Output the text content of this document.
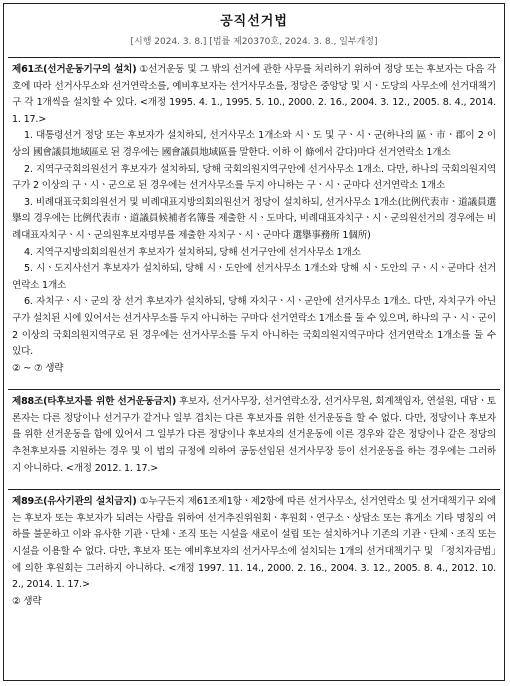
공직선거법
[시행 2024. 3. 8.] [법률 제20370호, 2024. 3. 8., 일부개정]

제61조(선거운동기구의 설치) ①선거운동 및 그 밖의 선거에 관한 사무를 처리하기 위하여 정당 또는 후보자는 다음 각호에 따라 선거사무소와 선거연락소를, 예비후보자는 선거사무소를, 정당은 중앙당 및 시ㆍ도당의 사무소에 선거대책기구 각 1개씩을 설치할 수 있다. <개정 1995. 4. 1., 1995. 5. 10., 2000. 2. 16., 2004. 3. 12., 2005. 8. 4., 2014. 1. 17.>

1. 대통령선거 정당 또는 후보자가 설치하되, 선거사무소 1개소와 시ㆍ도 및 구ㆍ시ㆍ군(하나의 區ㆍ市ㆍ郡이 2 이상의 國會議員地域區로 된 경우에는 國會議員地域區를 말한다. 이하 이 條에서 같다)마다 선거연락소 1개소

2. 지역구국회의원선거 후보자가 설치하되, 당해 국회의원지역구안에 선거사무소 1개소. 다만, 하나의 국회의원지역구가 2 이상의 구ㆍ시ㆍ군으로 된 경우에는 선거사무소를 두지 아니하는 구ㆍ시ㆍ군마다 선거연락소 1개소

3. 비례대표국회의원선거 및 비례대표지방의회의원선거 정당이 설치하되, 선거사무소 1개소(比例代表市ㆍ道議員選擧의 경우에는 比例代表市ㆍ道議員候補者名簿를 제출한 시ㆍ도마다, 비례대표자치구ㆍ시ㆍ군의원선거의 경우에는 비례대표자치구ㆍ시ㆍ군의원후보자명부를 제출한 자치구ㆍ시ㆍ군마다 選擧事務所 1個所)

4. 지역구지방의회의원선거 후보자가 설치하되, 당해 선거구안에 선거사무소 1개소

5. 시ㆍ도지사선거 후보자가 설치하되, 당해 시ㆍ도안에 선거사무소 1개소와 당해 시ㆍ도안의 구ㆍ시ㆍ군마다 선거연락소 1개소

6. 자치구ㆍ시ㆍ군의 장 선거 후보자가 설치하되, 당해 자치구ㆍ시ㆍ군안에 선거사무소 1개소. 다만, 자치구가 아닌 구가 설치된 시에 있어서는 선거사무소를 두지 아니하는 구마다 선거연락소 1개소를 둘 수 있으며, 하나의 구ㆍ시ㆍ군이 2 이상의 국회의원지역구로 된 경우에는 선거사무소를 두지 아니하는 국회의원지역구마다 선거연락소 1개소를 둘 수 있다.

② ~ ⑦ 생략

제88조(타후보자를 위한 선거운동금지) 후보자, 선거사무장, 선거연락소장, 선거사무원, 회계책임자, 연설원, 대담ㆍ토론자는 다른 정당이나 선거구가 같거나 일부 겹치는 다른 후보자를 위한 선거운동을 할 수 없다. 다만, 정당이나 후보자를 위한 선거운동을 함에 있어서 그 일부가 다른 정당이나 후보자의 선거운동에 이른 경우와 같은 정당이나 같은 정당의 추천후보자를 지원하는 경우 및 이 법의 규정에 의하여 공동선임된 선거사무장 등이 선거운동을 하는 경우에는 그러하지 아니하다. <개정 2012. 1. 17.>

제89조(유사기관의 설치금지) ①누구든지 제61조제1항ㆍ제2항에 따른 선거사무소, 선거연락소 및 선거대책기구 외에는 후보자 또는 후보자가 되려는 사람을 위하여 선거추진위원회ㆍ후원회ㆍ연구소ㆍ상담소 또는 휴게소 기타 명칭의 여하를 불문하고 이와 유사한 기관ㆍ단체ㆍ조직 또는 시설을 새로이 설립 또는 설치하거나 기존의 기관ㆍ단체ㆍ조직 또는 시설을 이용할 수 없다. 다만, 후보자 또는 예비후보자의 선거사무소에 설치되는 1개의 선거대책기구 및 「정치자금법」에 의한 후원회는 그러하지 아니하다. <개정 1997. 11. 14., 2000. 2. 16., 2004. 3. 12., 2005. 8. 4., 2012. 10. 2., 2014. 1. 17.>

② 생략
